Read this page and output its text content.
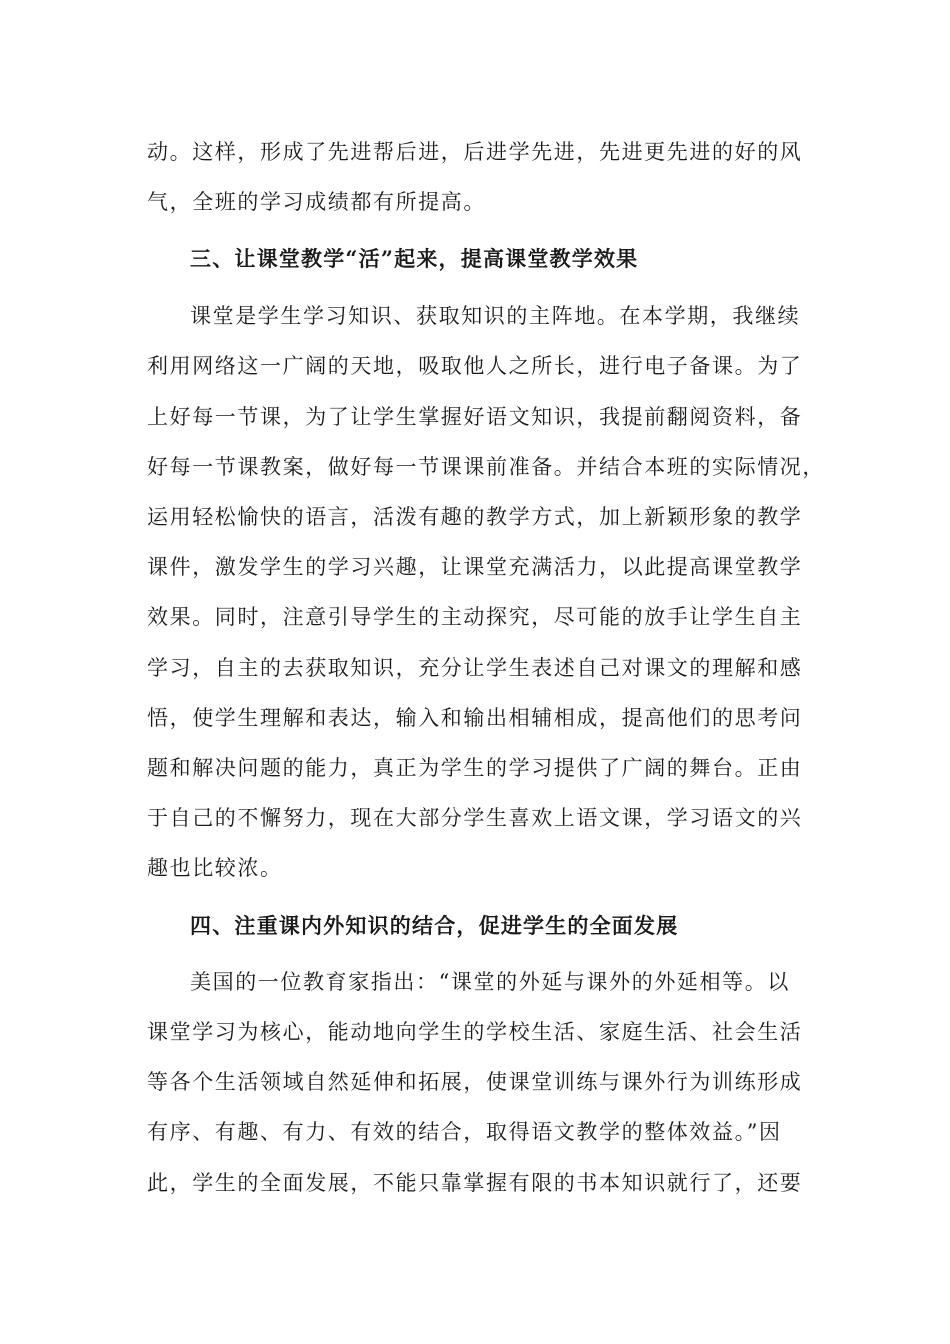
动。这样，形成了先进帮后进，后进学先进，先进更先进的好的风
气，全班的学习成绩都有所提高。
三、让课堂教学“活”起来，提高课堂教学效果
课堂是学生学习知识、获取知识的主阵地。在本学期，我继续
利用网络这一广阔的天地，吸取他人之所长，进行电子备课。为了
上好每一节课，为了让学生掌握好语文知识，我提前翻阅资料，备
好每一节课教案，做好每一节课课前准备。并结合本班的实际情况，
运用轻松愉快的语言，活泼有趣的教学方式，加上新颖形象的教学
课件，激发学生的学习兴趣，让课堂充满活力，以此提高课堂教学
效果。同时，注意引导学生的主动探究，尽可能的放手让学生自主
学习，自主的去获取知识，充分让学生表述自己对课文的理解和感
悟，使学生理解和表达，输入和输出相辅相成，提高他们的思考问
题和解决问题的能力，真正为学生的学习提供了广阔的舞台。正由
于自己的不懈努力，现在大部分学生喜欢上语文课，学习语文的兴
趣也比较浓。
四、注重课内外知识的结合，促进学生的全面发展
美国的一位教育家指出：“课堂的外延与课外的外延相等。以
课堂学习为核心，能动地向学生的学校生活、家庭生活、社会生活
等各个生活领域自然延伸和拓展，使课堂训练与课外行为训练形成
有序、有趣、有力、有效的结合，取得语文教学的整体效益。”因
此，学生的全面发展，不能只靠掌握有限的书本知识就行了，还要
